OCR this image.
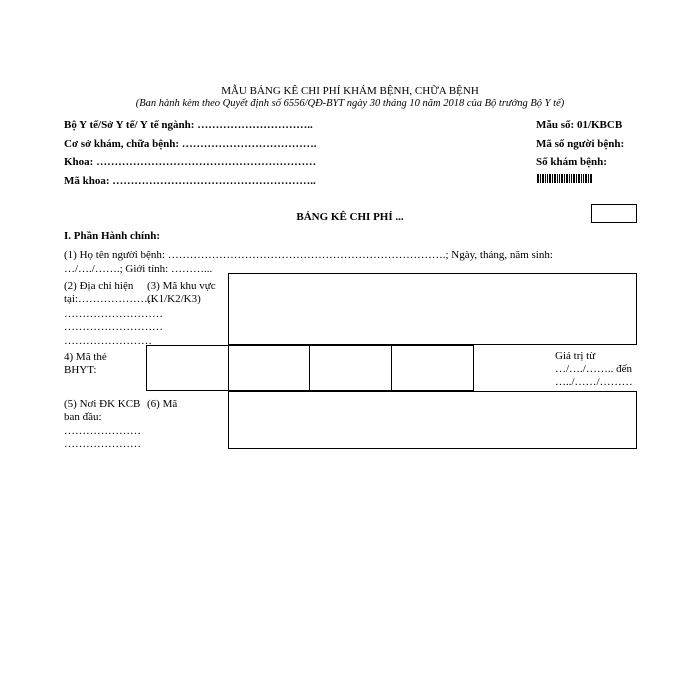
MẪU BẢNG KÊ CHI PHÍ KHÁM BỆNH, CHỮA BỆNH
(Ban hành kèm theo Quyết định số 6556/QĐ-BYT ngày 30 tháng 10 năm 2018 của Bộ trưởng Bộ Y tế)
Bộ Y tế/Sở Y tế/ Y tế ngành: …………………………..
Cơ sở khám, chữa bệnh: ……………………………….
Khoa: ……………………………………………………
Mã khoa: ………………………………………………..
Mẫu số: 01/KBCB
Mã số người bệnh:
Số khám bệnh:
BẢNG KÊ CHI PHÍ ...
I. Phần Hành chính:
(1) Họ tên người bệnh: ………………………………………………………………….; Ngày, tháng, năm sinh:
…/…./…….; Giới tính: ………...
(2) Địa chỉ hiện tại:…………………
………………………
………………………
……………………
(3) Mã khu vực (K1/K2/K3)
4) Mã thẻ BHYT:
Giá trị từ …/…./…….. đến …../……/………
(5) Nơi ĐK KCB ban đầu:
(6) Mã
…………………
…………………
